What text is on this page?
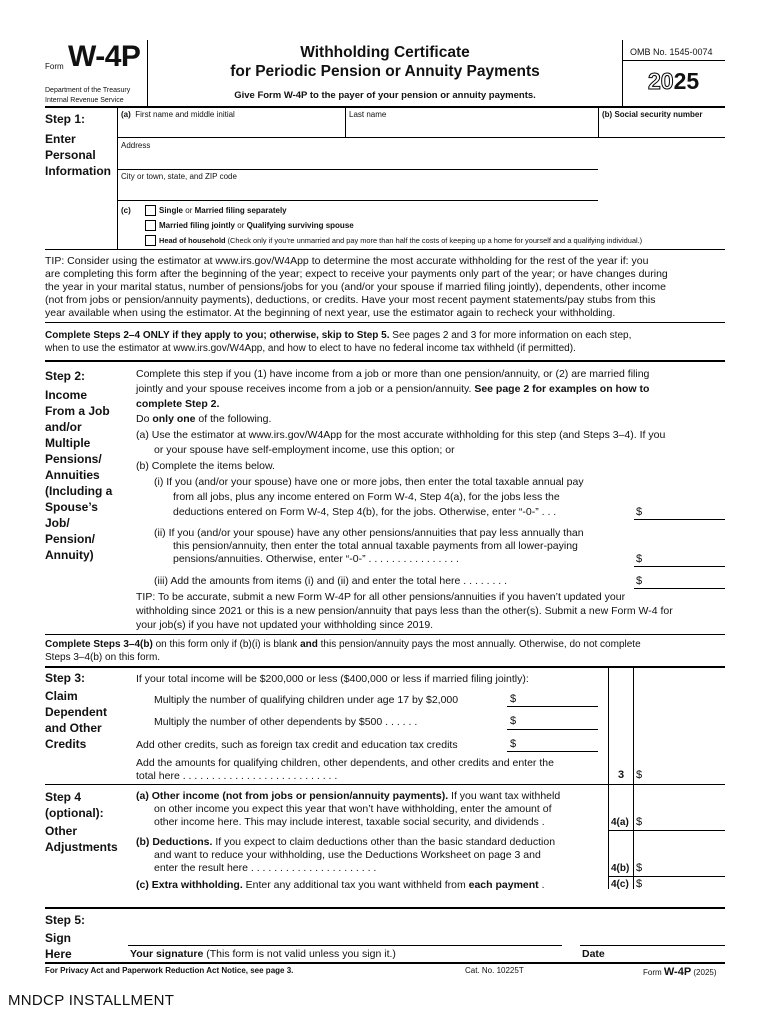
Form W-4P
Department of the Treasury
Internal Revenue Service
Withholding Certificate
for Periodic Pension or Annuity Payments
Give Form W-4P to the payer of your pension or annuity payments.
OMB No. 1545-0074
2025
Step 1:
Enter
Personal
Information
(a) First name and middle initial	Last name	(b) Social security number
Address
City or town, state, and ZIP code
(c)	Single or Married filing separately
Married filing jointly or Qualifying surviving spouse
Head of household (Check only if you’re unmarried and pay more than half the costs of keeping up a home for yourself and a qualifying individual.)
TIP: Consider using the estimator at www.irs.gov/W4App to determine the most accurate withholding for the rest of the year if: you
are completing this form after the beginning of the year; expect to receive your payments only part of the year; or have changes during
the year in your marital status, number of pensions/jobs for you (and/or your spouse if married filing jointly), dependents, other income
(not from jobs or pension/annuity payments), deductions, or credits. Have your most recent payment statements/pay stubs from this
year available when using the estimator. At the beginning of next year, use the estimator again to recheck your withholding.
Complete Steps 2–4 ONLY if they apply to you; otherwise, skip to Step 5. See pages 2 and 3 for more information on each step,
when to use the estimator at www.irs.gov/W4App, and how to elect to have no federal income tax withheld (if permitted).
Step 2:
Income
From a Job
and/or
Multiple
Pensions/
Annuities
(Including a
Spouse’s
Job/
Pension/
Annuity)
Complete this step if you (1) have income from a job or more than one pension/annuity, or (2) are married filing
jointly and your spouse receives income from a job or a pension/annuity. See page 2 for examples on how to
complete Step 2.
Do only one of the following.
(a) Use the estimator at www.irs.gov/W4App for the most accurate withholding for this step (and Steps 3–4). If you
or your spouse have self-employment income, use this option; or
(b) Complete the items below.
(i) If you (and/or your spouse) have one or more jobs, then enter the total taxable annual pay
from all jobs, plus any income entered on Form W-4, Step 4(a), for the jobs less the
deductions entered on Form W-4, Step 4(b), for the jobs. Otherwise, enter “-0-” . . .	$
(ii) If you (and/or your spouse) have any other pensions/annuities that pay less annually than
this pension/annuity, then enter the total annual taxable payments from all lower-paying
pensions/annuities. Otherwise, enter “-0-” . . . . . . . . . . . . . . . .	$
(iii) Add the amounts from items (i) and (ii) and enter the total here . . . . . . . .	$
TIP: To be accurate, submit a new Form W-4P for all other pensions/annuities if you haven’t updated your
withholding since 2021 or this is a new pension/annuity that pays less than the other(s). Submit a new Form W-4 for
your job(s) if you have not updated your withholding since 2019.
Complete Steps 3–4(b) on this form only if (b)(i) is blank and this pension/annuity pays the most annually. Otherwise, do not complete
Steps 3–4(b) on this form.
Step 3:
Claim
Dependent
and Other
Credits
If your total income will be $200,000 or less ($400,000 or less if married filing jointly):
Multiply the number of qualifying children under age 17 by $2,000	$
Multiply the number of other dependents by $500 . . . . . .	$
Add other credits, such as foreign tax credit and education tax credits	$
Add the amounts for qualifying children, other dependents, and other credits and enter the
total here . . . . . . . . . . . . . . . . . . . . . . . . . . .	3 $
Step 4
(optional):
Other
Adjustments
(a) Other income (not from jobs or pension/annuity payments). If you want tax withheld
on other income you expect this year that won’t have withholding, enter the amount of
other income here. This may include interest, taxable social security, and dividends .	4(a) $
(b) Deductions. If you expect to claim deductions other than the basic standard deduction
and want to reduce your withholding, use the Deductions Worksheet on page 3 and
enter the result here . . . . . . . . . . . . . . . . . . . . . .	4(b) $
(c) Extra withholding. Enter any additional tax you want withheld from each payment .	4(c) $
Step 5:
Sign
Here	Your signature (This form is not valid unless you sign it.)	Date
For Privacy Act and Paperwork Reduction Act Notice, see page 3.	Cat. No. 10225T	Form W-4P (2025)
MNDCP INSTALLMENT
